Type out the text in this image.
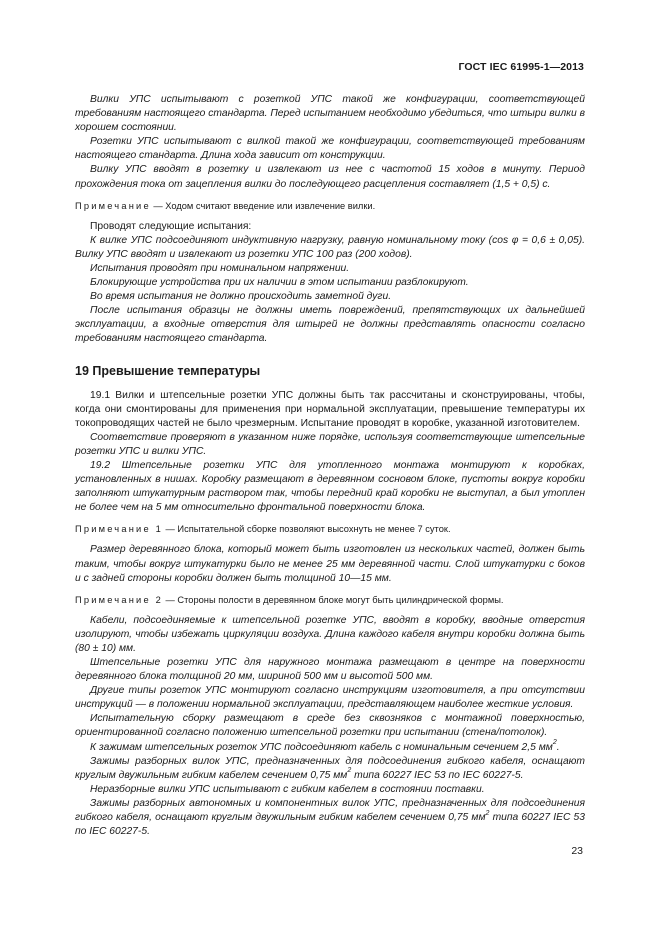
ГОСТ IEC 61995-1—2013

Вилки УПС испытывают с розеткой УПС такой же конфигурации, соответствующей требованиям настоящего стандарта. Перед испытанием необходимо убедиться, что штыри вилки в хорошем состоянии.

Розетки УПС испытывают с вилкой такой же конфигурации, соответствующей требованиям настоящего стандарта. Длина хода зависит от конструкции.

Вилку УПС вводят в розетку и извлекают из нее с частотой 15 ходов в минуту. Период прохождения тока от зацепления вилки до последующего расцепления составляет (1,5 + 0,5) с.

Примечание — Ходом считают введение или извлечение вилки.

Проводят следующие испытания:

К вилке УПС подсоединяют индуктивную нагрузку, равную номинальному току (cos φ = 0,6 ± 0,05). Вилку УПС вводят и извлекают из розетки УПС 100 раз (200 ходов).

Испытания проводят при номинальном напряжении.

Блокирующие устройства при их наличии в этом испытании разблокируют.

Во время испытания не должно происходить заметной дуги.

После испытания образцы не должны иметь повреждений, препятствующих их дальнейшей эксплуатации, а входные отверстия для штырей не должны представлять опасности согласно требованиям настоящего стандарта.

19 Превышение температуры

19.1 Вилки и штепсельные розетки УПС должны быть так рассчитаны и сконструированы, чтобы, когда они смонтированы для применения при нормальной эксплуатации, превышение температуры их токопроводящих частей не было чрезмерным. Испытание проводят в коробке, указанной изготовителем.

Соответствие проверяют в указанном ниже порядке, используя соответствующие штепсельные розетки УПС и вилки УПС.

19.2 Штепсельные розетки УПС для утопленного монтажа монтируют к коробках, установленных в нишах. Коробку размещают в деревянном сосновом блоке, пустоты вокруг коробки заполняют штукатурным раствором так, чтобы передний край коробки не выступал, а был утоплен не более чем на 5 мм относительно фронтальной поверхности блока.

Примечание 1 — Испытательной сборке позволяют высохнуть не менее 7 суток.

Размер деревянного блока, который может быть изготовлен из нескольких частей, должен быть таким, чтобы вокруг штукатурки было не менее 25 мм деревянной части. Слой штукатурки с боков и с задней стороны коробки должен быть толщиной 10—15 мм.

Примечание 2 — Стороны полости в деревянном блоке могут быть цилиндрической формы.

Кабели, подсоединяемые к штепсельной розетке УПС, вводят в коробку, вводные отверстия изолируют, чтобы избежать циркуляции воздуха. Длина каждого кабеля внутри коробки должна быть (80 ± 10) мм.

Штепсельные розетки УПС для наружного монтажа размещают в центре на поверхности деревянного блока толщиной 20 мм, шириной 500 мм и высотой 500 мм.

Другие типы розеток УПС монтируют согласно инструкциям изготовителя, а при отсутствии инструкций — в положении нормальной эксплуатации, представляющем наиболее жесткие условия.

Испытательную сборку размещают в среде без сквозняков с монтажной поверхностью, ориентированной согласно положению штепсельной розетки при испытании (стена/потолок).

К зажимам штепсельных розеток УПС подсоединяют кабель с номинальным сечением 2,5 $мм^2$.

Зажимы разборных вилок УПС, предназначенных для подсоединения гибкого кабеля, оснащают круглым двужильным гибким кабелем сечением 0,75 $мм^2$ типа 60227 IEC 53 по IEC 60227-5.

Неразборные вилки УПС испытывают с гибким кабелем в состоянии поставки.

Зажимы разборных автономных и компонентных вилок УПС, предназначенных для подсоединения гибкого кабеля, оснащают круглым двужильным гибким кабелем сечением 0,75 $мм^2$ типа 60227 IEC 53 по IEC 60227-5.

23
